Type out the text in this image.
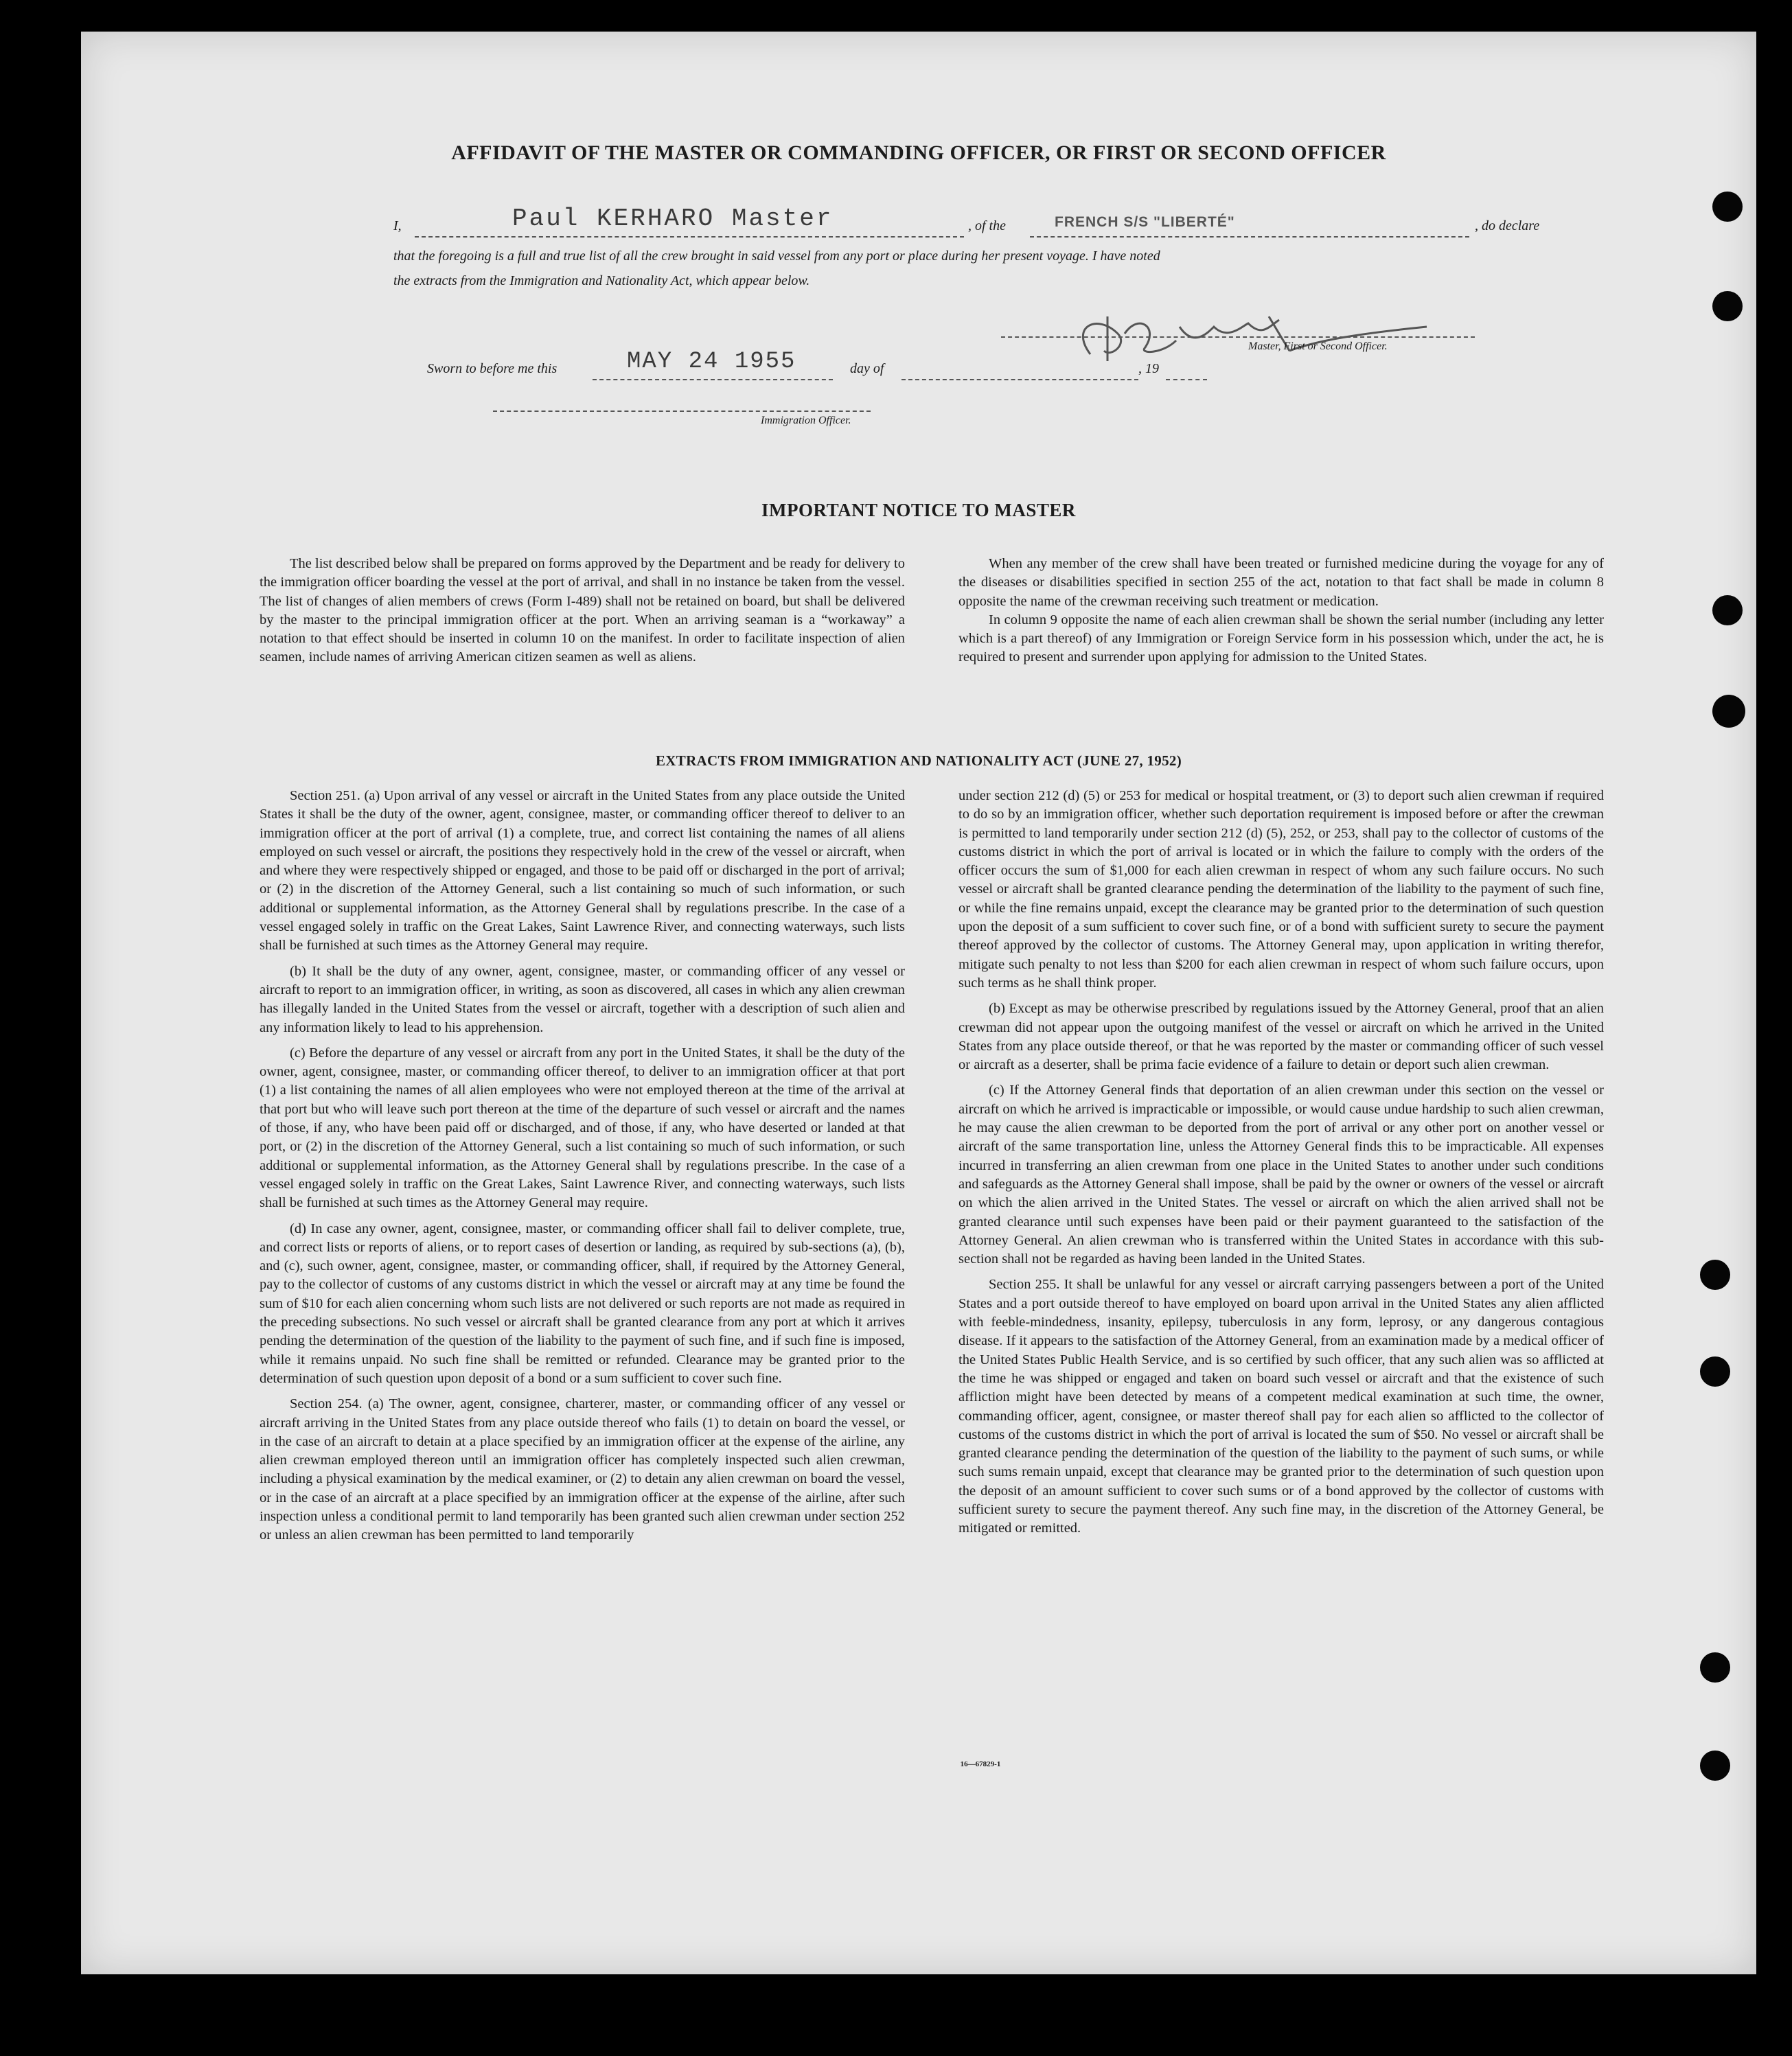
AFFIDAVIT OF THE MASTER OR COMMANDING OFFICER, OR FIRST OR SECOND OFFICER
I,	Paul KERHARO Master	, of the	FRENCH S/S "LIBERTÉ"	, do declare
that the foregoing is a full and true list of all the crew brought in said vessel from any port or place during her present voyage. I have noted
the extracts from the Immigration and Nationality Act, which appear below.
Master, First or Second Officer.
Sworn to before me this	MAY 24 1955	day of	, 19
Immigration Officer.
IMPORTANT NOTICE TO MASTER

The list described below shall be prepared on forms approved by the Department and be ready for delivery to the immigration officer boarding the vessel at the port of arrival, and shall in no instance be taken from the vessel. The list of changes of alien members of crews (Form I-489) shall not be retained on board, but shall be delivered by the master to the principal immigration officer at the port. When an arriving seaman is a “workaway” a notation to that effect should be inserted in column 10 on the manifest. In order to facilitate inspection of alien seamen, include names of arriving American citizen seamen as well as aliens.

When any member of the crew shall have been treated or furnished medicine during the voyage for any of the diseases or disabilities specified in section 255 of the act, notation to that fact shall be made in column 8 opposite the name of the crewman receiving such treatment or medication.

In column 9 opposite the name of each alien crewman shall be shown the serial number (including any letter which is a part thereof) of any Immigration or Foreign Service form in his possession which, under the act, he is required to present and surrender upon applying for admission to the United States.

EXTRACTS FROM IMMIGRATION AND NATIONALITY ACT (JUNE 27, 1952)

Section 251. (a) Upon arrival of any vessel or aircraft in the United States from any place outside the United States it shall be the duty of the owner, agent, consignee, master, or commanding officer thereof to deliver to an immigration officer at the port of arrival (1) a complete, true, and correct list containing the names of all aliens employed on such vessel or aircraft, the positions they respectively hold in the crew of the vessel or aircraft, when and where they were respectively shipped or engaged, and those to be paid off or discharged in the port of arrival; or (2) in the discretion of the Attorney General, such a list containing so much of such information, or such additional or supplemental information, as the Attorney General shall by regulations prescribe. In the case of a vessel engaged solely in traffic on the Great Lakes, Saint Lawrence River, and connecting waterways, such lists shall be furnished at such times as the Attorney General may require.

(b) It shall be the duty of any owner, agent, consignee, master, or commanding officer of any vessel or aircraft to report to an immigration officer, in writing, as soon as discovered, all cases in which any alien crewman has illegally landed in the United States from the vessel or aircraft, together with a description of such alien and any information likely to lead to his apprehension.

(c) Before the departure of any vessel or aircraft from any port in the United States, it shall be the duty of the owner, agent, consignee, master, or commanding officer thereof, to deliver to an immigration officer at that port (1) a list containing the names of all alien employees who were not employed thereon at the time of the arrival at that port but who will leave such port thereon at the time of the departure of such vessel or aircraft and the names of those, if any, who have been paid off or discharged, and of those, if any, who have deserted or landed at that port, or (2) in the discretion of the Attorney General, such a list containing so much of such information, or such additional or supplemental information, as the Attorney General shall by regulations prescribe. In the case of a vessel engaged solely in traffic on the Great Lakes, Saint Lawrence River, and connecting waterways, such lists shall be furnished at such times as the Attorney General may require.

(d) In case any owner, agent, consignee, master, or commanding officer shall fail to deliver complete, true, and correct lists or reports of aliens, or to report cases of desertion or landing, as required by sub-sections (a), (b), and (c), such owner, agent, consignee, master, or commanding officer, shall, if required by the Attorney General, pay to the collector of customs of any customs district in which the vessel or aircraft may at any time be found the sum of $10 for each alien concerning whom such lists are not delivered or such reports are not made as required in the preceding subsections. No such vessel or aircraft shall be granted clearance from any port at which it arrives pending the determination of the question of the liability to the payment of such fine, and if such fine is imposed, while it remains unpaid. No such fine shall be remitted or refunded. Clearance may be granted prior to the determination of such question upon deposit of a bond or a sum sufficient to cover such fine.

Section 254. (a) The owner, agent, consignee, charterer, master, or commanding officer of any vessel or aircraft arriving in the United States from any place outside thereof who fails (1) to detain on board the vessel, or in the case of an aircraft to detain at a place specified by an immigration officer at the expense of the airline, any alien crewman employed thereon until an immigration officer has completely inspected such alien crewman, including a physical examination by the medical examiner, or (2) to detain any alien crewman on board the vessel, or in the case of an aircraft at a place specified by an immigration officer at the expense of the airline, after such inspection unless a conditional permit to land temporarily has been granted such alien crewman under section 252 or unless an alien crewman has been permitted to land temporarily

under section 212 (d) (5) or 253 for medical or hospital treatment, or (3) to deport such alien crewman if required to do so by an immigration officer, whether such deportation requirement is imposed before or after the crewman is permitted to land temporarily under section 212 (d) (5), 252, or 253, shall pay to the collector of customs of the customs district in which the port of arrival is located or in which the failure to comply with the orders of the officer occurs the sum of $1,000 for each alien crewman in respect of whom any such failure occurs. No such vessel or aircraft shall be granted clearance pending the determination of the liability to the payment of such fine, or while the fine remains unpaid, except the clearance may be granted prior to the determination of such question upon the deposit of a sum sufficient to cover such fine, or of a bond with sufficient surety to secure the payment thereof approved by the collector of customs. The Attorney General may, upon application in writing therefor, mitigate such penalty to not less than $200 for each alien crewman in respect of whom such failure occurs, upon such terms as he shall think proper.

(b) Except as may be otherwise prescribed by regulations issued by the Attorney General, proof that an alien crewman did not appear upon the outgoing manifest of the vessel or aircraft on which he arrived in the United States from any place outside thereof, or that he was reported by the master or commanding officer of such vessel or aircraft as a deserter, shall be prima facie evidence of a failure to detain or deport such alien crewman.

(c) If the Attorney General finds that deportation of an alien crewman under this section on the vessel or aircraft on which he arrived is impracticable or impossible, or would cause undue hardship to such alien crewman, he may cause the alien crewman to be deported from the port of arrival or any other port on another vessel or aircraft of the same transportation line, unless the Attorney General finds this to be impracticable. All expenses incurred in transferring an alien crewman from one place in the United States to another under such conditions and safeguards as the Attorney General shall impose, shall be paid by the owner or owners of the vessel or aircraft on which the alien arrived in the United States. The vessel or aircraft on which the alien arrived shall not be granted clearance until such expenses have been paid or their payment guaranteed to the satisfaction of the Attorney General. An alien crewman who is transferred within the United States in accordance with this sub-section shall not be regarded as having been landed in the United States.

Section 255. It shall be unlawful for any vessel or aircraft carrying passengers between a port of the United States and a port outside thereof to have employed on board upon arrival in the United States any alien afflicted with feeble-mindedness, insanity, epilepsy, tuberculosis in any form, leprosy, or any dangerous contagious disease. If it appears to the satisfaction of the Attorney General, from an examination made by a medical officer of the United States Public Health Service, and is so certified by such officer, that any such alien was so afflicted at the time he was shipped or engaged and taken on board such vessel or aircraft and that the existence of such affliction might have been detected by means of a competent medical examination at such time, the owner, commanding officer, agent, consignee, or master thereof shall pay for each alien so afflicted to the collector of customs of the customs district in which the port of arrival is located the sum of $50. No vessel or aircraft shall be granted clearance pending the determination of the question of the liability to the payment of such sums, or while such sums remain unpaid, except that clearance may be granted prior to the determination of such question upon the deposit of an amount sufficient to cover such sums or of a bond approved by the collector of customs with sufficient surety to secure the payment thereof. Any such fine may, in the discretion of the Attorney General, be mitigated or remitted.

16—67829-1
